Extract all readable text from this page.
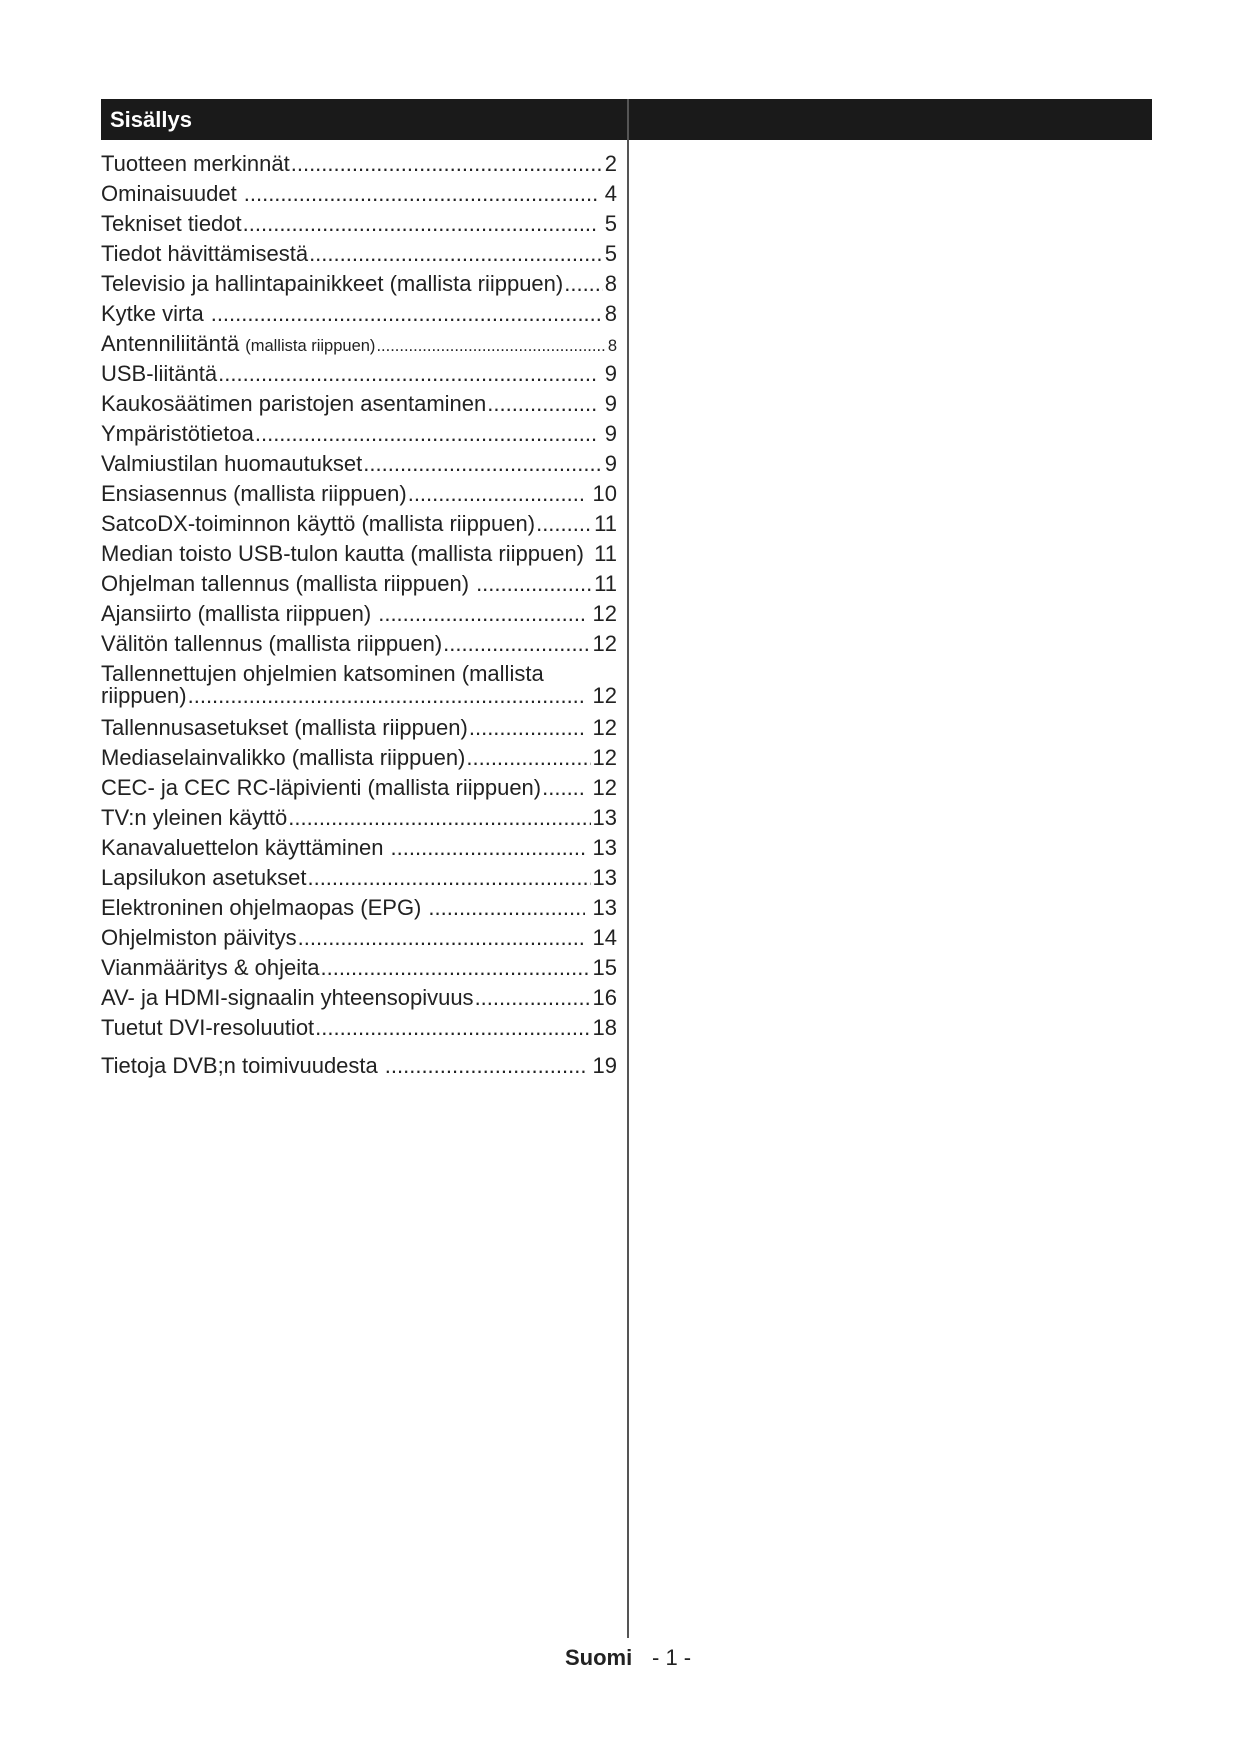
Sisällys
Tuotteen merkinnät .....	2
Ominaisuudet .....	4
Tekniset tiedot .....	5
Tiedot hävittämisestä .....	5
Televisio ja hallintapainikkeet (mallista riippuen) ..... 8
Kytke virta .....	8
Antenniliitäntä (mallista riippuen) .....	8
USB-liitäntä .....	9
Kaukosäätimen paristojen asentaminen .....	9
Ympäristötietoa .....	9
Valmiustilan huomautukset .....	9
Ensiasennus (mallista riippuen) .....	10
SatcoDX-toiminnon käyttö (mallista riippuen) .....	11
Median toisto USB-tulon kautta (mallista riippuen) 11
Ohjelman tallennus (mallista riippuen) .....	11
Ajansiirto (mallista riippuen) .....	12
Välitön tallennus (mallista riippuen) .....	12
Tallennettujen ohjelmien katsominen (mallista
riippuen) .....	12
Tallennusasetukset (mallista riippuen) .....	12
Mediaselainvalikko (mallista riippuen) .....	12
CEC- ja CEC RC-läpivienti (mallista riippuen) ..... 12
TV:n yleinen käyttö .....	13
Kanavaluettelon käyttäminen .....	13
Lapsilukon asetukset .....	13
Elektroninen ohjelmaopas (EPG) .....	13
Ohjelmiston päivitys .....	14
Vianmääritys & ohjeita .....	15
AV- ja HDMI-signaalin yhteensopivuus .....	16
Tuetut DVI-resoluutiot .....	18
Tietoja DVB;n toimivuudesta .....	19
Suomi - 1 -
